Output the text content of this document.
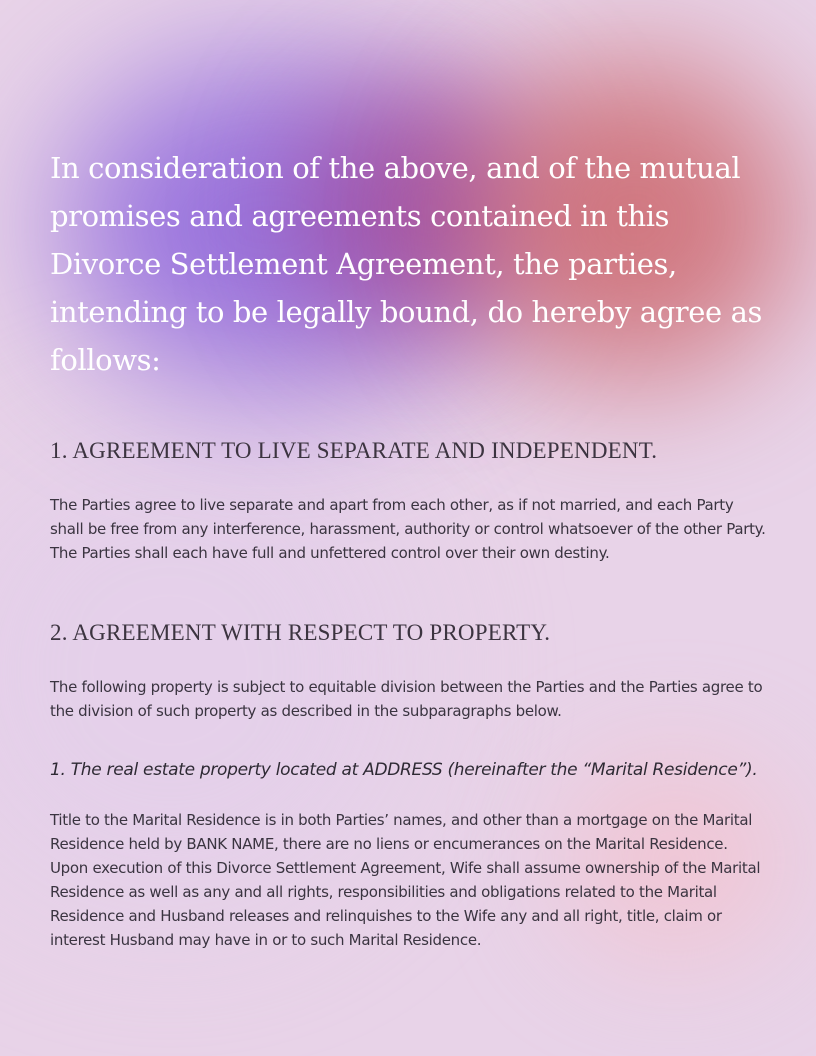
In consideration of the above, and of the mutual promises and agreements contained in this Divorce Settlement Agreement, the parties, intending to be legally bound, do hereby agree as follows:

1. AGREEMENT TO LIVE SEPARATE AND INDEPENDENT.

The Parties agree to live separate and apart from each other, as if not married, and each Party shall be free from any interference, harassment, authority or control whatsoever of the other Party. The Parties shall each have full and unfettered control over their own destiny.

2. AGREEMENT WITH RESPECT TO PROPERTY.

The following property is subject to equitable division between the Parties and the Parties agree to the division of such property as described in the subparagraphs below.

1. The real estate property located at ADDRESS (hereinafter the “Marital Residence”).

Title to the Marital Residence is in both Parties’ names, and other than a mortgage on the Marital Residence held by BANK NAME, there are no liens or encumerances on the Marital Residence. Upon execution of this Divorce Settlement Agreement, Wife shall assume ownership of the Marital Residence as well as any and all rights, responsibilities and obligations related to the Marital Residence and Husband releases and relinquishes to the Wife any and all right, title, claim or interest Husband may have in or to such Marital Residence.
